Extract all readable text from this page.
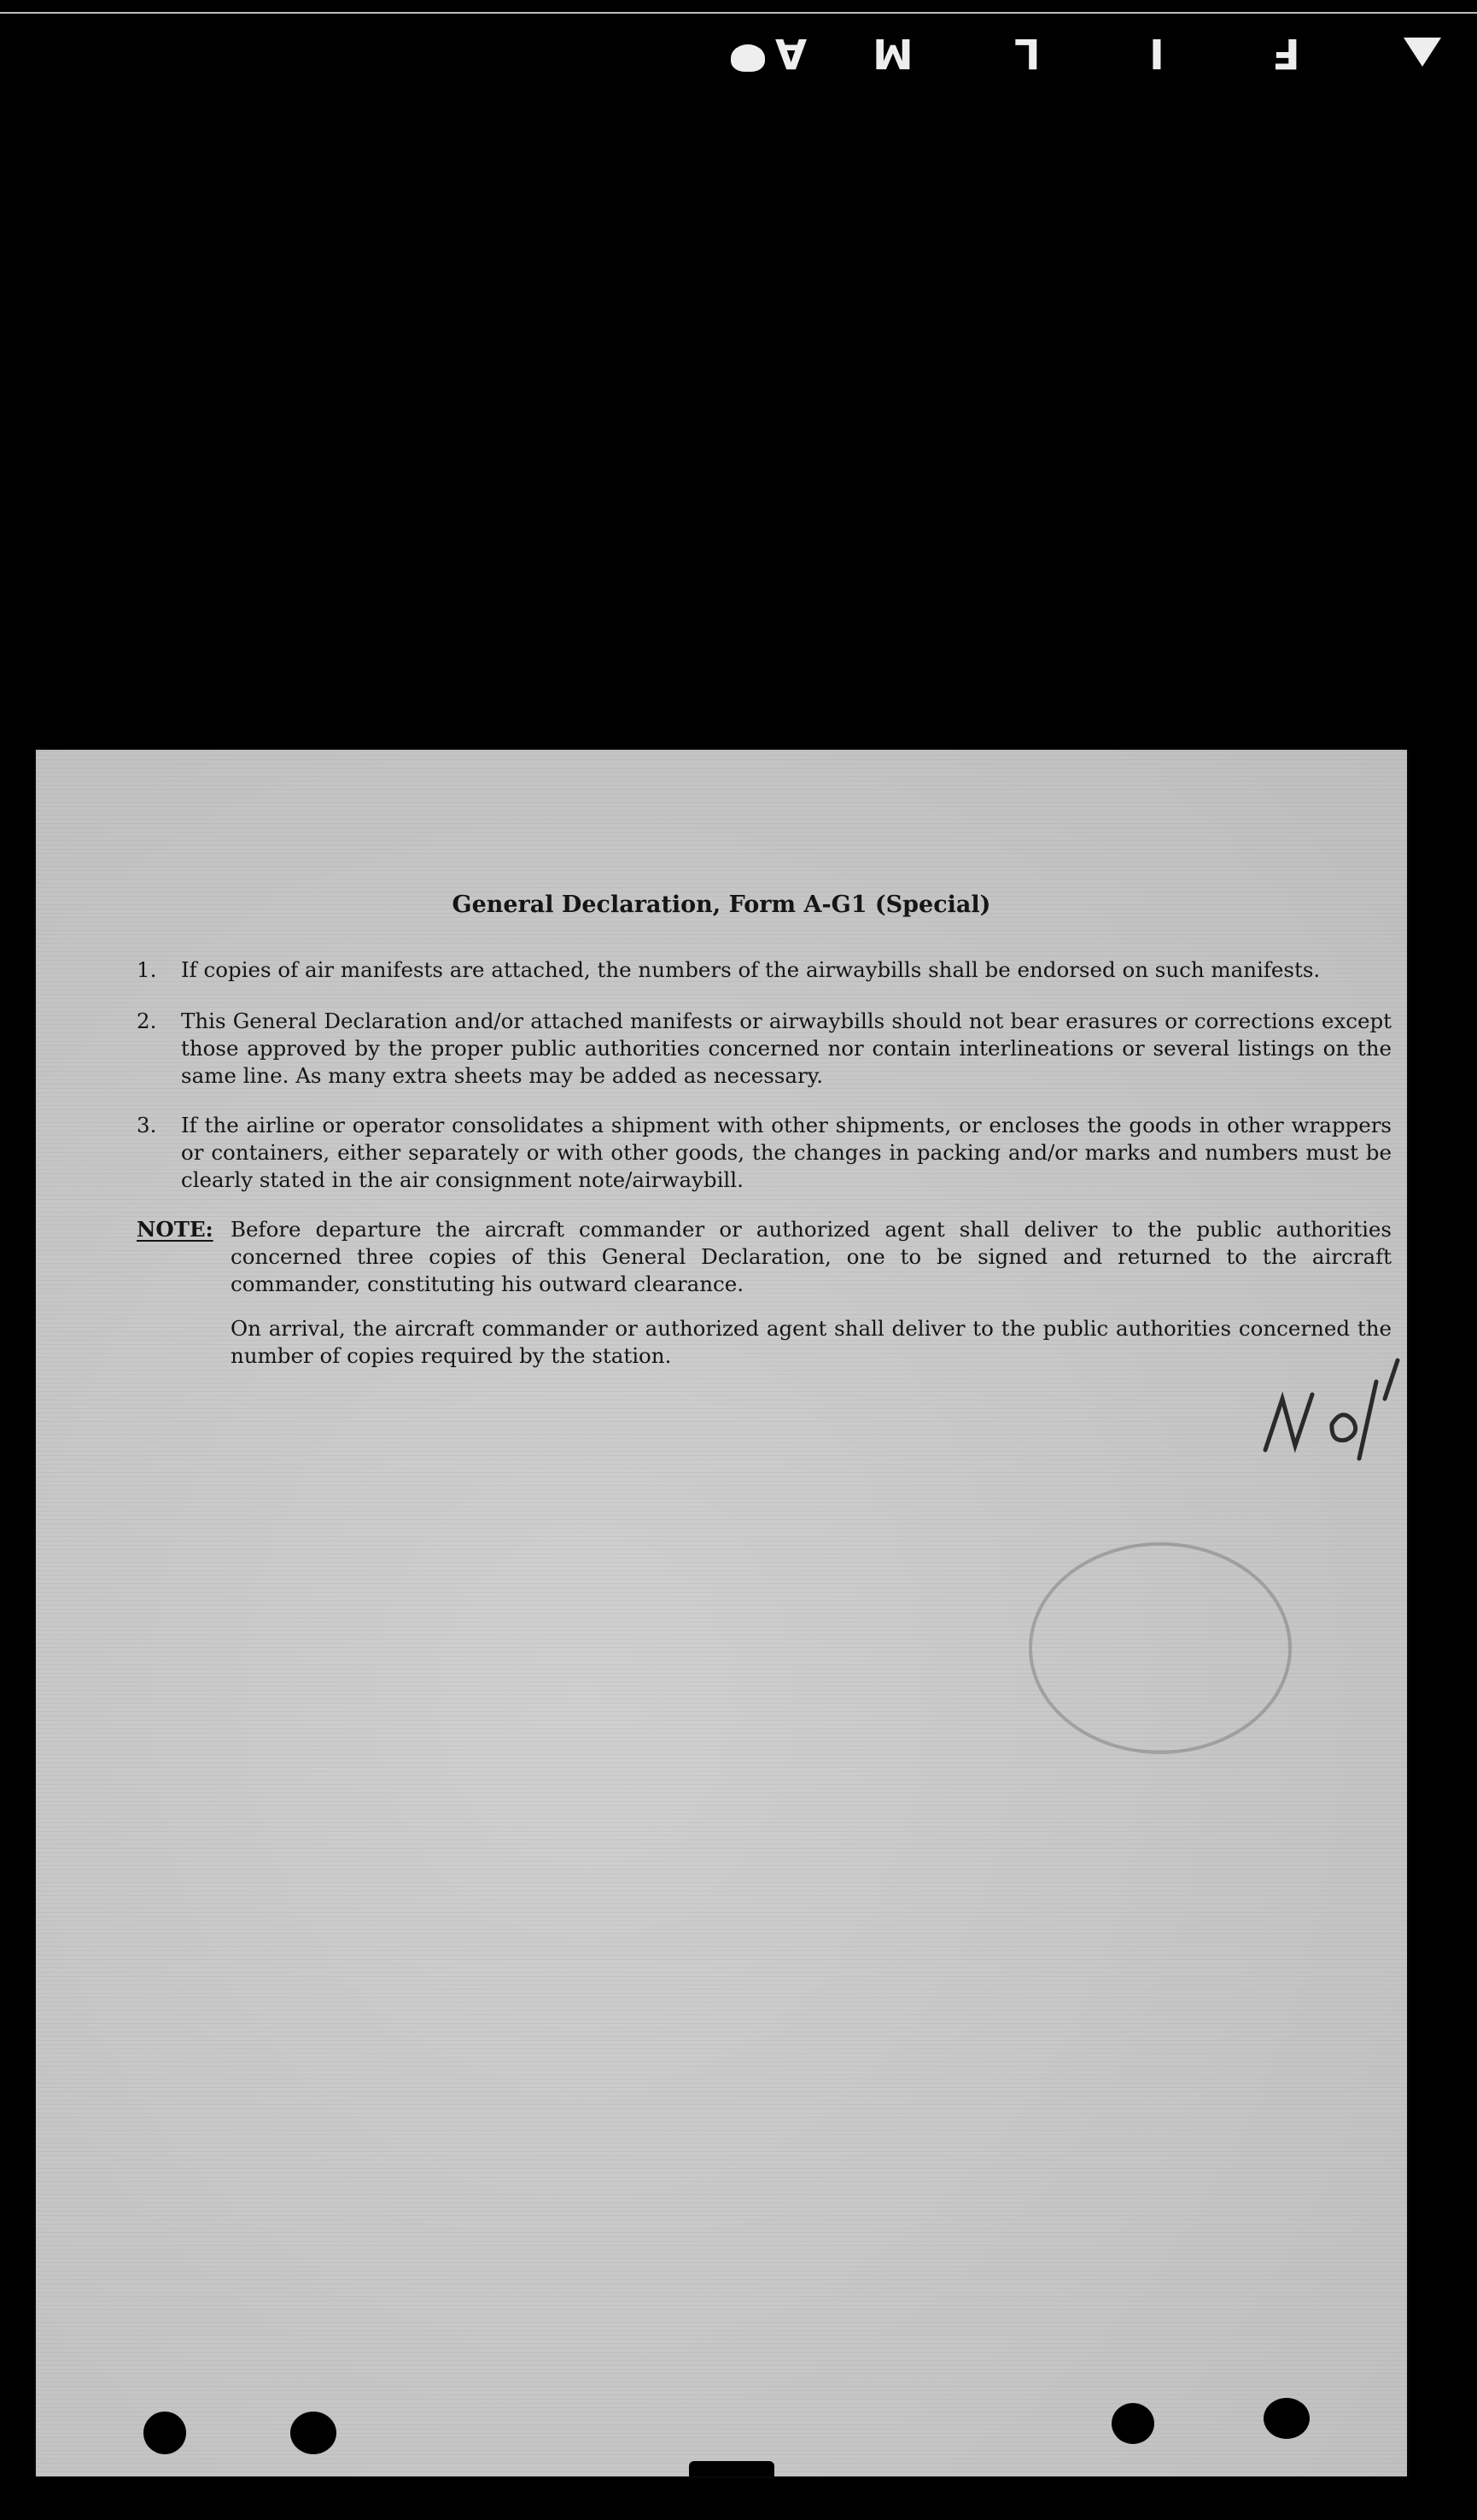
A M L	I	F
General Declaration, Form A-G1 (Special)
1.	If copies of air manifests are attached, the numbers of the airwaybills shall be endorsed on such manifests.
2.	This General Declaration and/or attached manifests or airwaybills should not bear erasures or corrections except those approved by the proper public authorities concerned nor contain interlineations or several listings on the same line. As many extra sheets may be added as necessary.
3.	If the airline or operator consolidates a shipment with other shipments, or encloses the goods in other wrappers or containers, either separately or with other goods, the changes in packing and/or marks and numbers must be clearly stated in the air consignment note/airwaybill.
NOTE: Before departure the aircraft commander or authorized agent shall deliver to the public authorities concerned three copies of this General Declaration, one to be signed and returned to the aircraft commander, constituting his outward clearance.
On arrival, the aircraft commander or authorized agent shall deliver to the public authorities concerned the number of copies required by the station.
